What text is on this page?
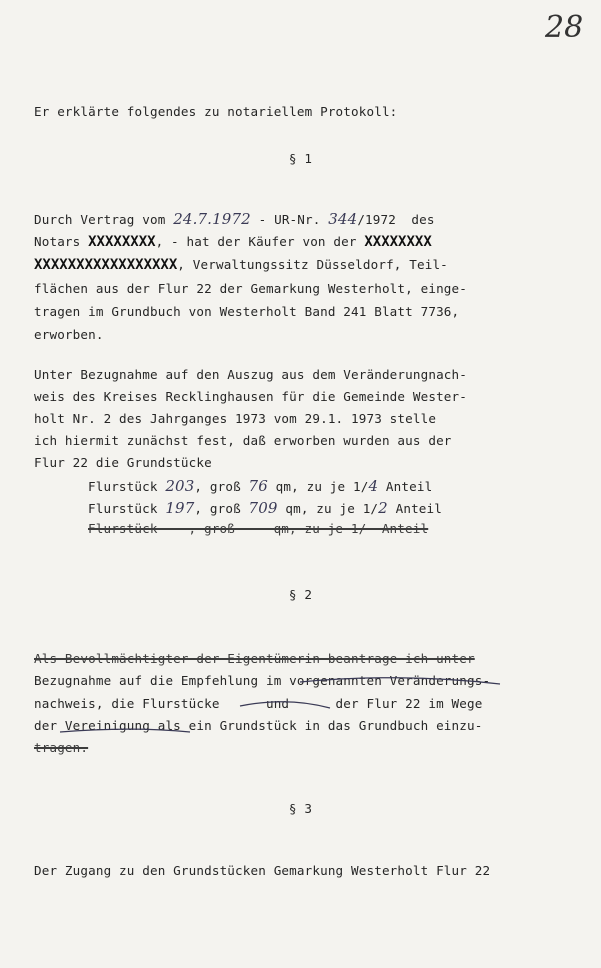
28
Er erklärte folgendes zu notariellem Protokoll:
§ 1
Durch Vertrag vom 24.7.1972 - UR-Nr. 344/1972  des
Notars XXXXXXXX, - hat der Käufer von der XXXXXXXX
XXXXXXXXXXXXXXXXX, Verwaltungssitz Düsseldorf, Teil-
flächen aus der Flur 22 der Gemarkung Westerholt, einge-
tragen im Grundbuch von Westerholt Band 241 Blatt 7736,
erworben.
Unter Bezugnahme auf den Auszug aus dem Veränderungnach-
weis des Kreises Recklinghausen für die Gemeinde Wester-
holt Nr. 2 des Jahrganges 1973 vom 29.1. 1973 stelle
ich hiermit zunächst fest, daß erworben wurden aus der
Flur 22 die Grundstücke
Flurstück 203, groß 76 qm, zu je 1/4 Anteil
Flurstück 197, groß 709 qm, zu je 1/2 Anteil
Flurstück    , groß     qm, zu je 1/  Anteil
§ 2
Als Bevollmächtigter der Eigentümerin beantrage ich unter
Bezugnahme auf die Empfehlung im vorgenannten Veränderungs-
nachweis, die Flurstücke      und      der Flur 22 im Wege
der Vereinigung als ein Grundstück in das Grundbuch einzu-
tragen.
§ 3
Der Zugang zu den Grundstücken Gemarkung Westerholt Flur 22
